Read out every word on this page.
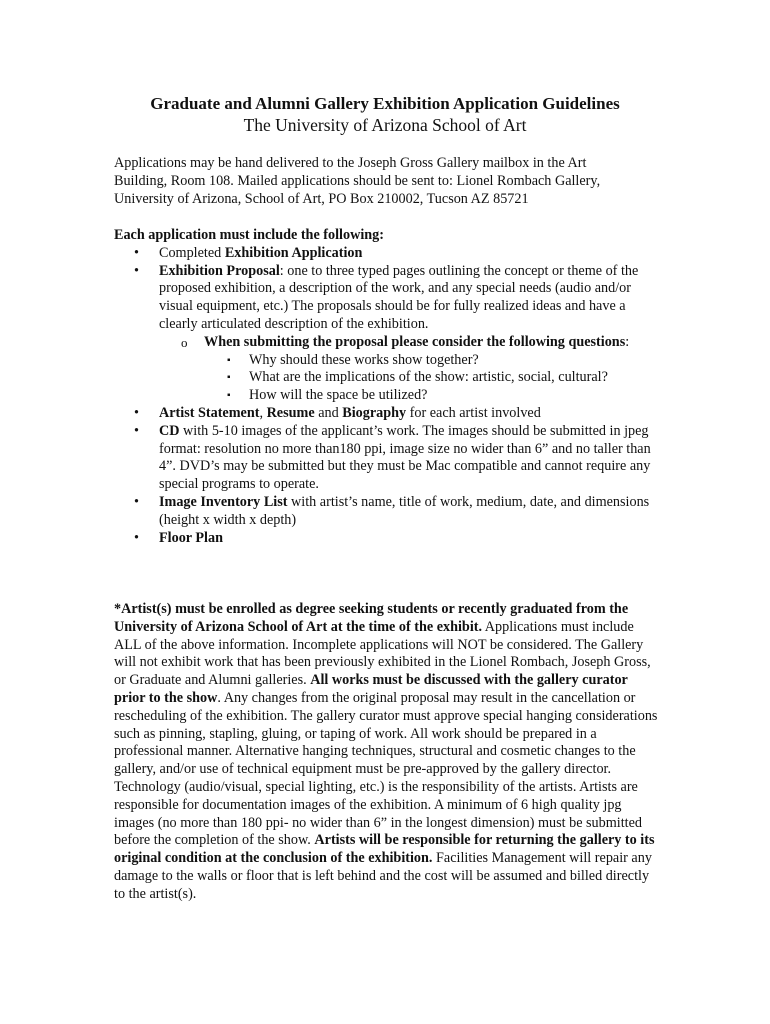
Graduate and Alumni Gallery Exhibition Application Guidelines
The University of Arizona School of Art
Applications may be hand delivered to the Joseph Gross Gallery mailbox in the Art
Building, Room 108. Mailed applications should be sent to: Lionel Rombach Gallery,
University of Arizona, School of Art, PO Box 210002, Tucson AZ 85721

Each application must include the following:

• Completed Exhibition Application
• Exhibition Proposal: one to three typed pages outlining the concept or theme of the proposed exhibition, a description of the work, and any special needs (audio and/or visual equipment, etc.) The proposals should be for fully realized ideas and have a clearly articulated description of the exhibition.
o When submitting the proposal please consider the following questions:
▪ Why should these works show together?
▪ What are the implications of the show: artistic, social, cultural?
▪ How will the space be utilized?
• Artist Statement, Resume and Biography for each artist involved
• CD with 5-10 images of the applicant’s work. The images should be submitted in jpeg format: resolution no more than180 ppi, image size no wider than 6” and no taller than 4”. DVD’s may be submitted but they must be Mac compatible and cannot require any special programs to operate.
• Image Inventory List with artist’s name, title of work, medium, date, and dimensions (height x width x depth)
• Floor Plan

*Artist(s) must be enrolled as degree seeking students or recently graduated from the University of Arizona School of Art at the time of the exhibit. Applications must include ALL of the above information. Incomplete applications will NOT be considered. The Gallery will not exhibit work that has been previously exhibited in the Lionel Rombach, Joseph Gross, or Graduate and Alumni galleries. All works must be discussed with the gallery curator prior to the show. Any changes from the original proposal may result in the cancellation or rescheduling of the exhibition. The gallery curator must approve special hanging considerations such as pinning, stapling, gluing, or taping of work. All work should be prepared in a professional manner. Alternative hanging techniques, structural and cosmetic changes to the gallery, and/or use of technical equipment must be pre-approved by the gallery director. Technology (audio/visual, special lighting, etc.) is the responsibility of the artists. Artists are responsible for documentation images of the exhibition. A minimum of 6 high quality jpg images (no more than 180 ppi- no wider than 6” in the longest dimension) must be submitted before the completion of the show. Artists will be responsible for returning the gallery to its original condition at the conclusion of the exhibition. Facilities Management will repair any damage to the walls or floor that is left behind and the cost will be assumed and billed directly to the artist(s).
